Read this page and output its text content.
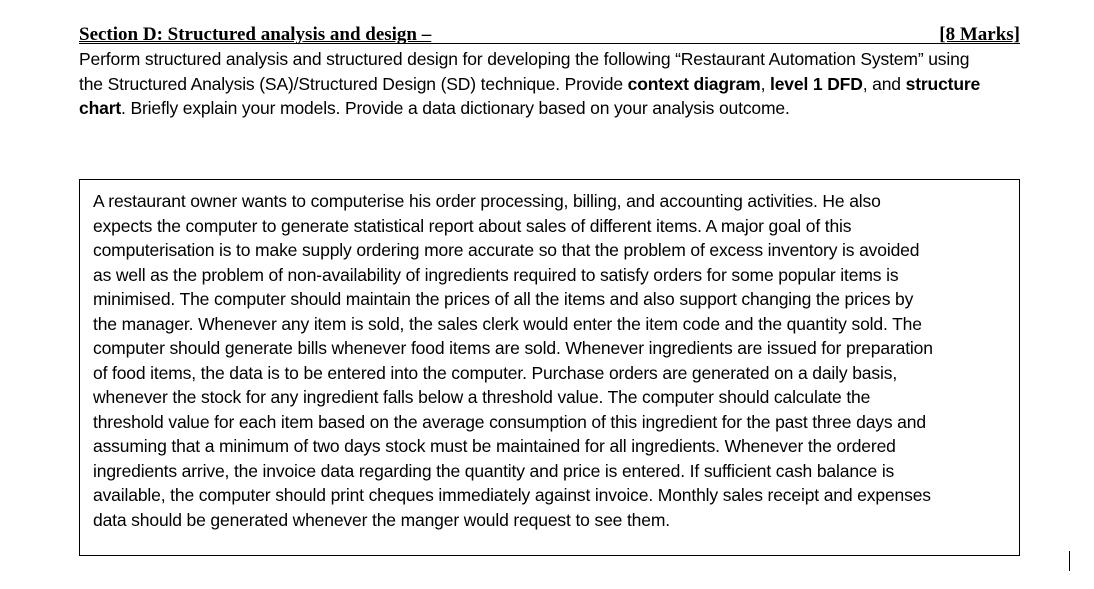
Section D: Structured analysis and design –	[8 Marks]
Perform structured analysis and structured design for developing the following “Restaurant Automation System” using
the Structured Analysis (SA)/Structured Design (SD) technique. Provide context diagram, level 1 DFD, and structure
chart. Briefly explain your models. Provide a data dictionary based on your analysis outcome.
A restaurant owner wants to computerise his order processing, billing, and accounting activities. He also
expects the computer to generate statistical report about sales of different items. A major goal of this
computerisation is to make supply ordering more accurate so that the problem of excess inventory is avoided
as well as the problem of non-availability of ingredients required to satisfy orders for some popular items is
minimised. The computer should maintain the prices of all the items and also support changing the prices by
the manager. Whenever any item is sold, the sales clerk would enter the item code and the quantity sold. The
computer should generate bills whenever food items are sold. Whenever ingredients are issued for preparation
of food items, the data is to be entered into the computer. Purchase orders are generated on a daily basis,
whenever the stock for any ingredient falls below a threshold value. The computer should calculate the
threshold value for each item based on the average consumption of this ingredient for the past three days and
assuming that a minimum of two days stock must be maintained for all ingredients. Whenever the ordered
ingredients arrive, the invoice data regarding the quantity and price is entered. If sufficient cash balance is
available, the computer should print cheques immediately against invoice. Monthly sales receipt and expenses
data should be generated whenever the manger would request to see them.
